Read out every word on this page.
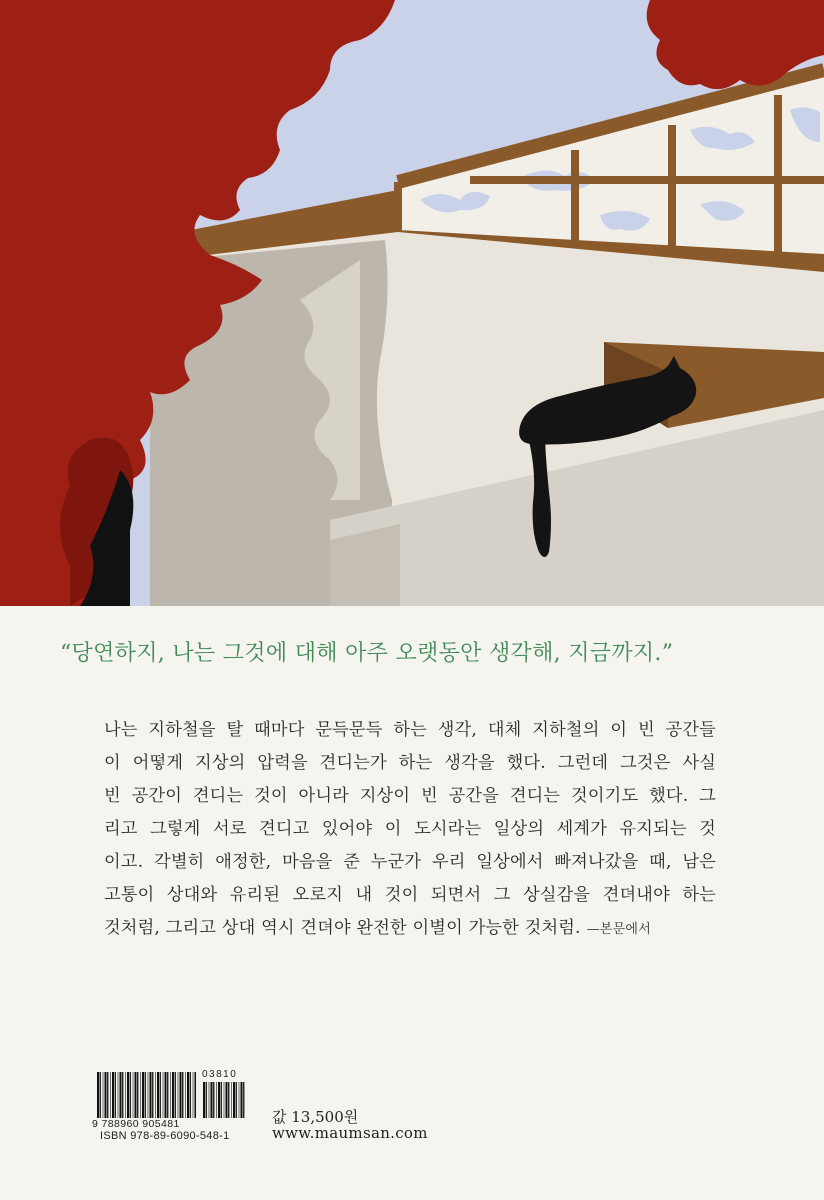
“당연하지, 나는 그것에 대해 아주 오랫동안 생각해, 지금까지.”
나는 지하철을 탈 때마다 문득문득 하는 생각, 대체 지하철의 이 빈 공간들
이 어떻게 지상의 압력을 견디는가 하는 생각을 했다. 그런데 그것은 사실
빈 공간이 견디는 것이 아니라 지상이 빈 공간을 견디는 것이기도 했다. 그
리고 그렇게 서로 견디고 있어야 이 도시라는 일상의 세계가 유지되는 것
이고. 각별히 애정한, 마음을 준 누군가 우리 일상에서 빠져나갔을 때, 남은
고통이 상대와 유리된 오로지 내 것이 되면서 그 상실감을 견뎌내야 하는
것처럼, 그리고 상대 역시 견뎌야 완전한 이별이 가능한 것처럼. —본문에서
03810
9 788960 905481
ISBN 978-89-6090-548-1
값 13,500원
www.maumsan.com
